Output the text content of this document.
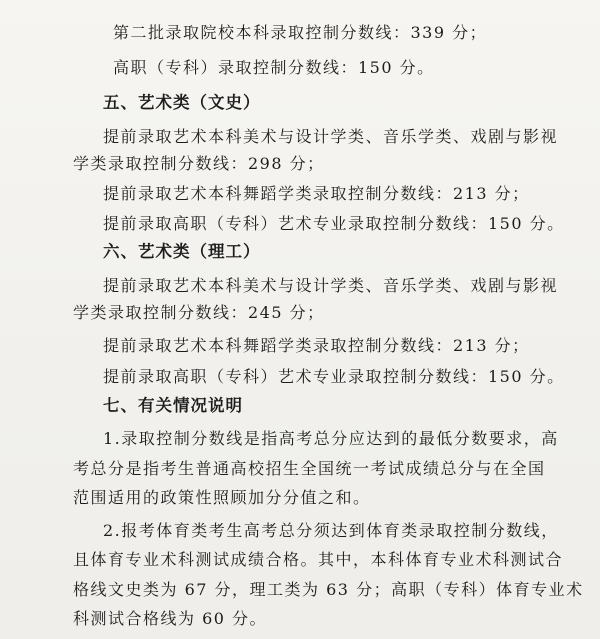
第二批录取院校本科录取控制分数线：339 分；
高职（专科）录取控制分数线：150 分。
五、艺术类（文史）
提前录取艺术本科美术与设计学类、音乐学类、戏剧与影视
学类录取控制分数线：298 分；
提前录取艺术本科舞蹈学类录取控制分数线：213 分；
提前录取高职（专科）艺术专业录取控制分数线：150 分。
六、艺术类（理工）
提前录取艺术本科美术与设计学类、音乐学类、戏剧与影视
学类录取控制分数线：245 分；
提前录取艺术本科舞蹈学类录取控制分数线：213 分；
提前录取高职（专科）艺术专业录取控制分数线：150 分。
七、有关情况说明
1.录取控制分数线是指高考总分应达到的最低分数要求，高
考总分是指考生普通高校招生全国统一考试成绩总分与在全国
范围适用的政策性照顾加分分值之和。
2.报考体育类考生高考总分须达到体育类录取控制分数线，
且体育专业术科测试成绩合格。其中，本科体育专业术科测试合
格线文史类为 67 分，理工类为 63 分；高职（专科）体育专业术
科测试合格线为 60 分。
